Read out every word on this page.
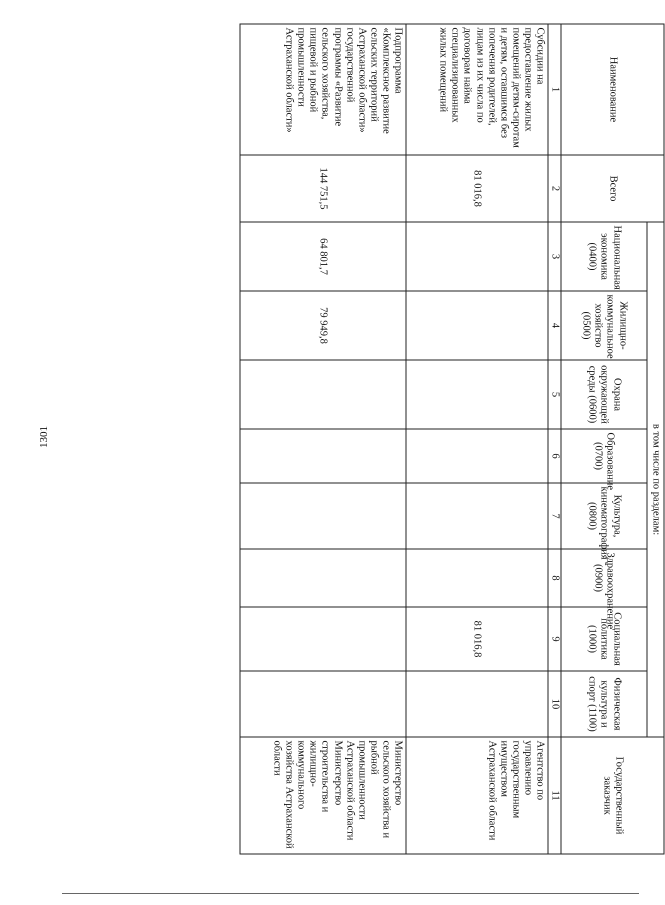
1301
Наименование	Всего	в том числе по разделам:								Государственный заказчик
		Национальная экономика (0400)	Жилищно-коммунальное хозяйство (0500)	Охрана окружающей среды (0600)	Образование (0700)	Культура, кинематография (0800)	Здравоохранение (0900)	Социальная политика (1000)	Физическая культура и спорт (1100)	
1	2	3	4	5	6	7	8	9	10	11
Субсидии на предоставление жилых помещений детям-сиротам и детям, оставшимся без попечения родителей, лицам из их числа по договорам найма специализированных жилых помещений	81 016,8							81 016,8		Агентство по управлению государственным имуществом Астраханской области
Подпрограмма «Комплексное развитие сельских территорий Астраханской области» государственной программы «Развитие сельского хозяйства, пищевой и рыбной промышленности Астраханской области»	144 751,5	64 801,7	79 949,8							Министерство сельского хозяйства и рыбной промышленности Астраханской области Министерство строительства и жилищно-коммунального хозяйства Астраханской области
